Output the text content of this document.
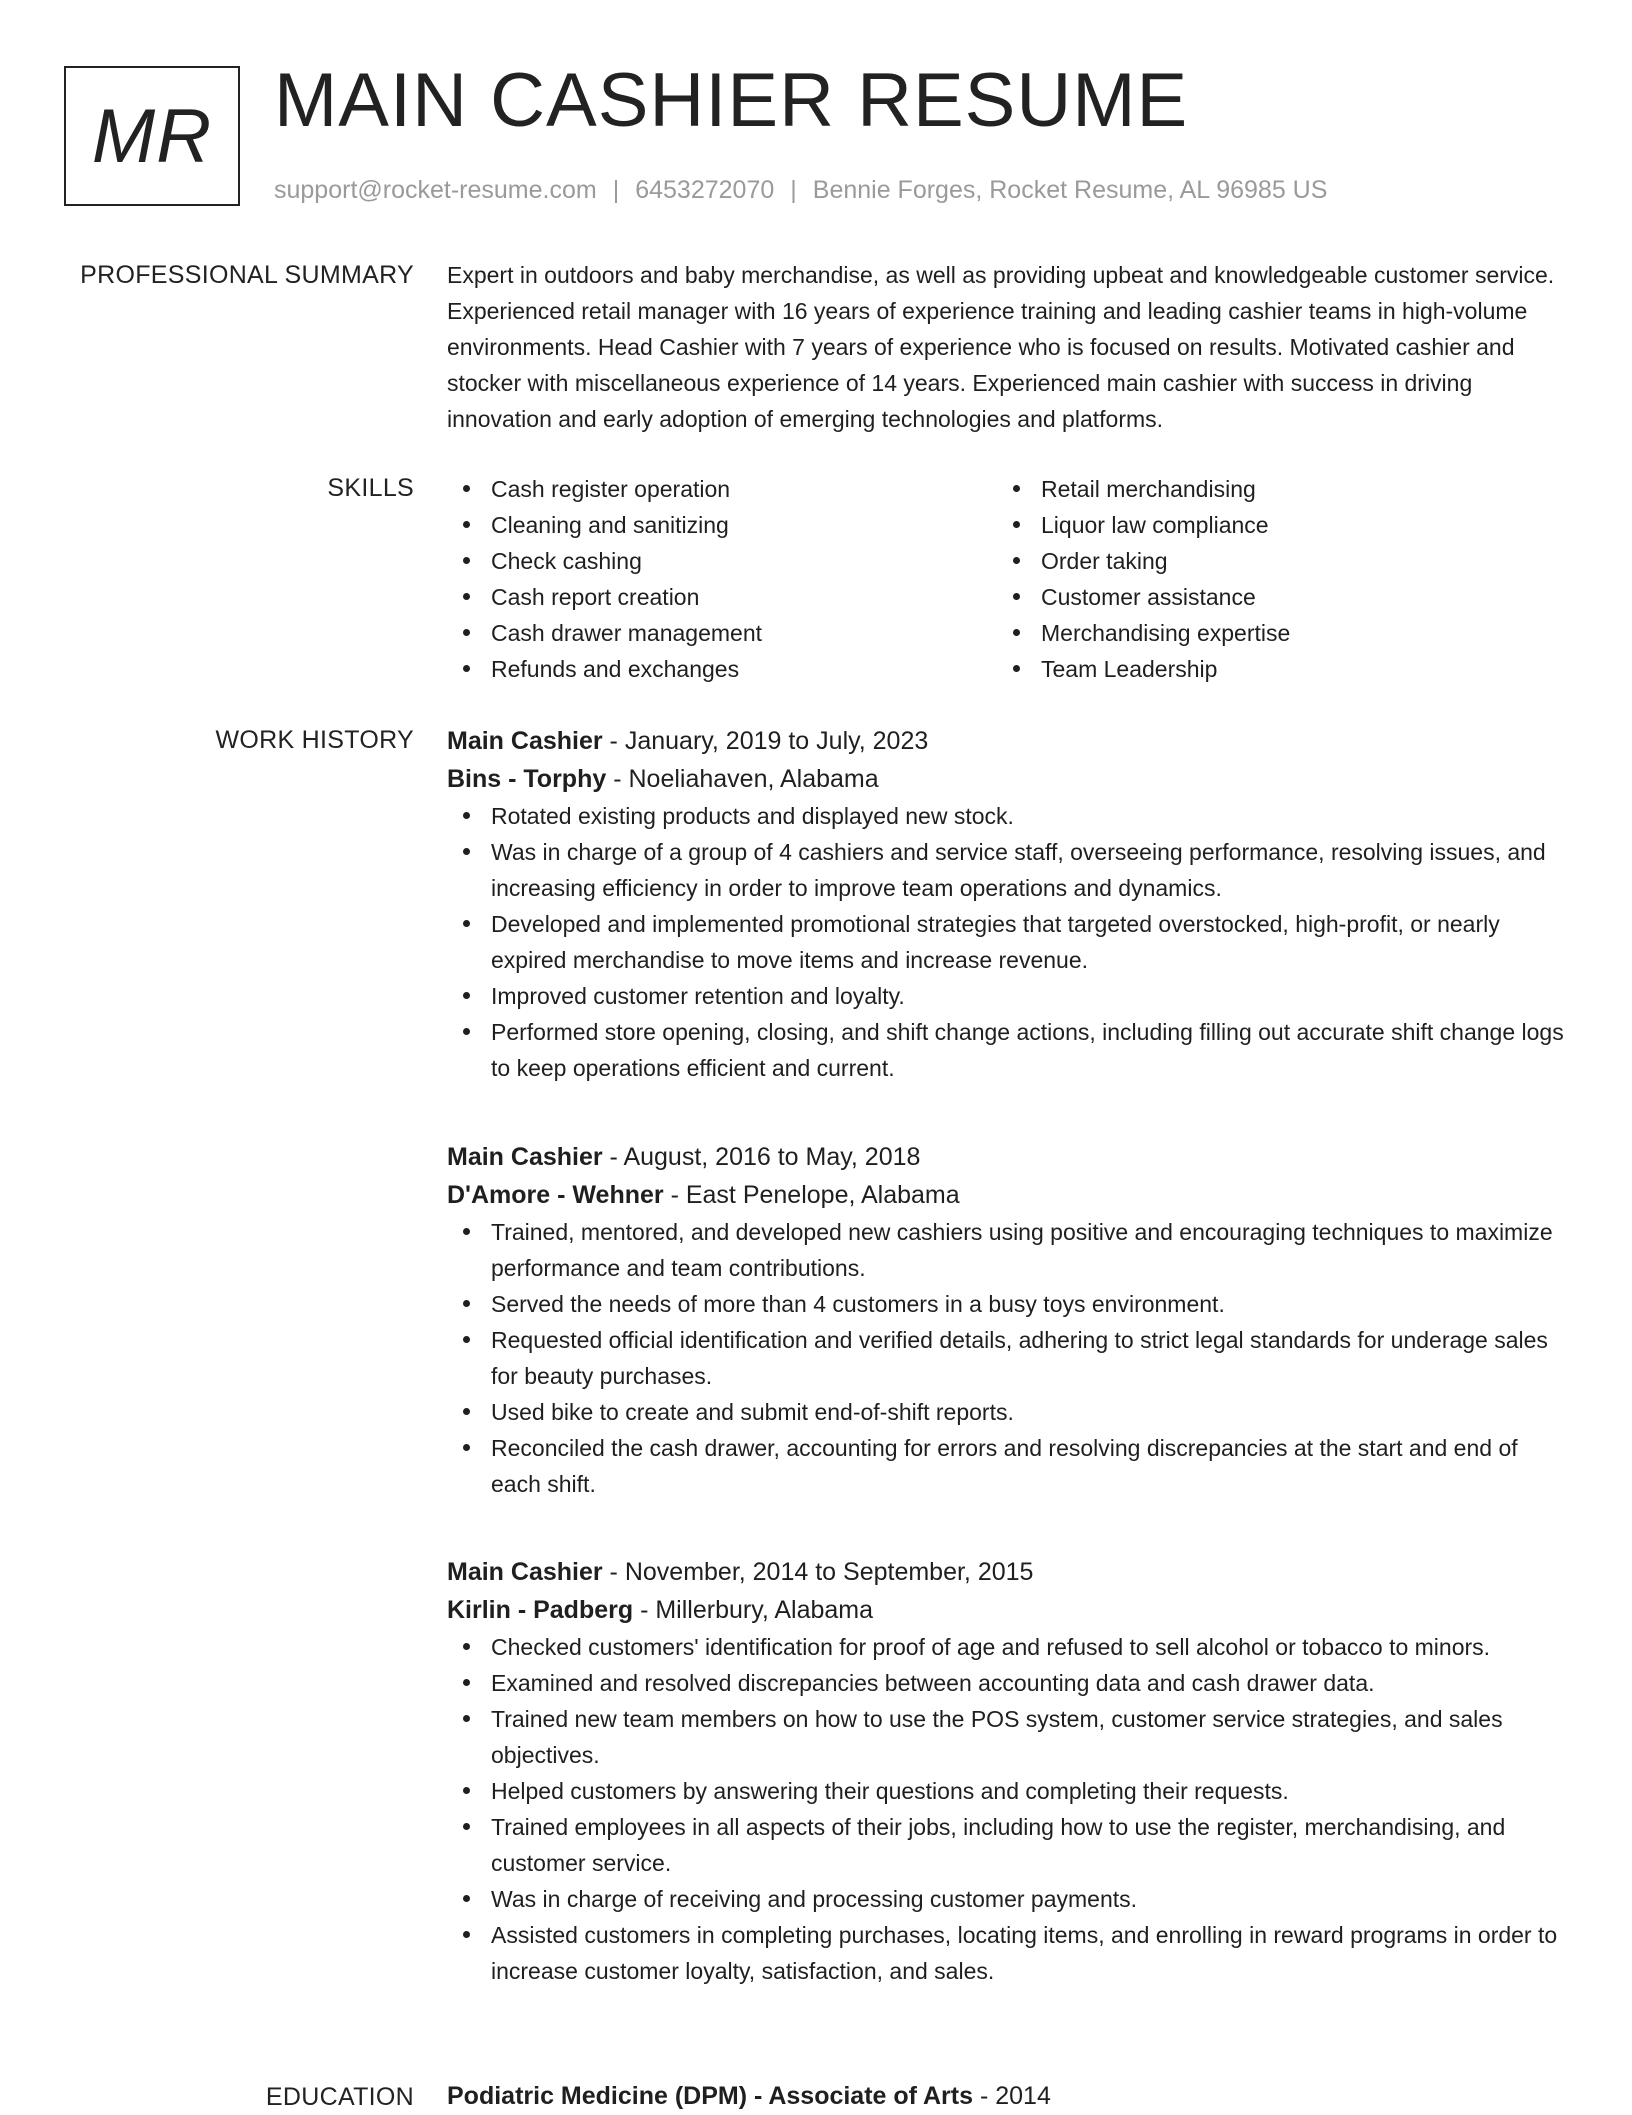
MR MAIN CASHIER RESUME
support@rocket-resume.com | 6453272070 | Bennie Forges, Rocket Resume, AL 96985 US
PROFESSIONAL SUMMARY Expert in outdoors and baby merchandise, as well as providing upbeat and knowledgeable customer service. Experienced retail manager with 16 years of experience training and leading cashier teams in high-volume environments. Head Cashier with 7 years of experience who is focused on results. Motivated cashier and stocker with miscellaneous experience of 14 years. Experienced main cashier with success in driving innovation and early adoption of emerging technologies and platforms.

SKILLS	Cash register operation
Cleaning and sanitizing
Check cashing
Cash report creation
Cash drawer management
Refunds and exchanges
Retail merchandising
Liquor law compliance
Order taking
Customer assistance
Merchandising expertise
Team Leadership
WORK HISTORY Main Cashier - January, 2019 to July, 2023
Bins - Torphy - Noeliahaven, Alabama
Rotated existing products and displayed new stock.
Was in charge of a group of 4 cashiers and service staff, overseeing performance, resolving issues, and increasing efficiency in order to improve team operations and dynamics.
Developed and implemented promotional strategies that targeted overstocked, high-profit, or nearly expired merchandise to move items and increase revenue.
Improved customer retention and loyalty.
Performed store opening, closing, and shift change actions, including filling out accurate shift change logs to keep operations efficient and current.
Main Cashier - August, 2016 to May, 2018
D'Amore - Wehner - East Penelope, Alabama
Trained, mentored, and developed new cashiers using positive and encouraging techniques to maximize performance and team contributions.
Served the needs of more than 4 customers in a busy toys environment.
Requested official identification and verified details, adhering to strict legal standards for underage sales for beauty purchases.
Used bike to create and submit end-of-shift reports.
Reconciled the cash drawer, accounting for errors and resolving discrepancies at the start and end of each shift.
Main Cashier - November, 2014 to September, 2015
Kirlin - Padberg - Millerbury, Alabama
Checked customers' identification for proof of age and refused to sell alcohol or tobacco to minors.
Examined and resolved discrepancies between accounting data and cash drawer data.
Trained new team members on how to use the POS system, customer service strategies, and sales objectives.
Helped customers by answering their questions and completing their requests.
Trained employees in all aspects of their jobs, including how to use the register, merchandising, and customer service.
Was in charge of receiving and processing customer payments.
Assisted customers in completing purchases, locating items, and enrolling in reward programs in order to increase customer loyalty, satisfaction, and sales.
EDUCATION Podiatric Medicine (DPM) - Associate of Arts - 2014
